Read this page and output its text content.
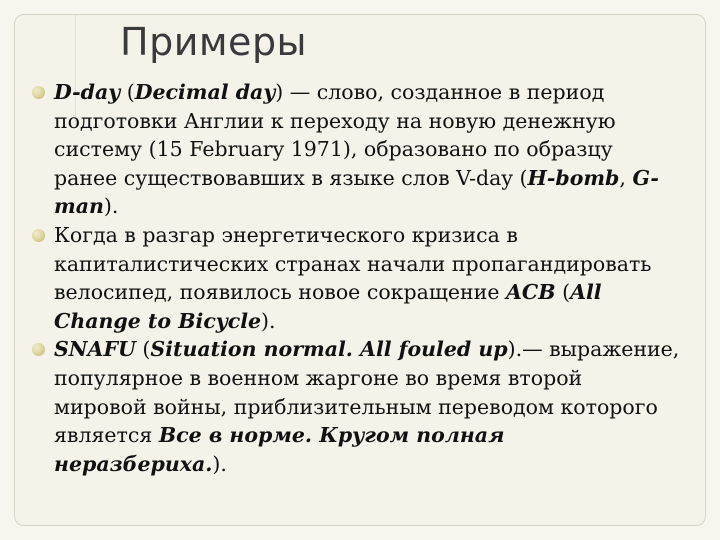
Примеры
D-day (Decimal day) — слово, созданное в период подготовки Англии к переходу на новую денежную систему (15 February 1971), образовано по образцу ранее существовавших в языке слов V-day (H-bomb, G-man).
Когда в разгар энергетического кризиса в капиталистических странах начали пропагандировать велосипед, появилось новое сокращение ACB (All Change to Bicycle).
SNAFU (Situation normal. All fouled up).— выражение, популярное в военном жаргоне во время второй мировой войны, приблизительным переводом которого является Все в норме. Кругом полная неразбериха.).
